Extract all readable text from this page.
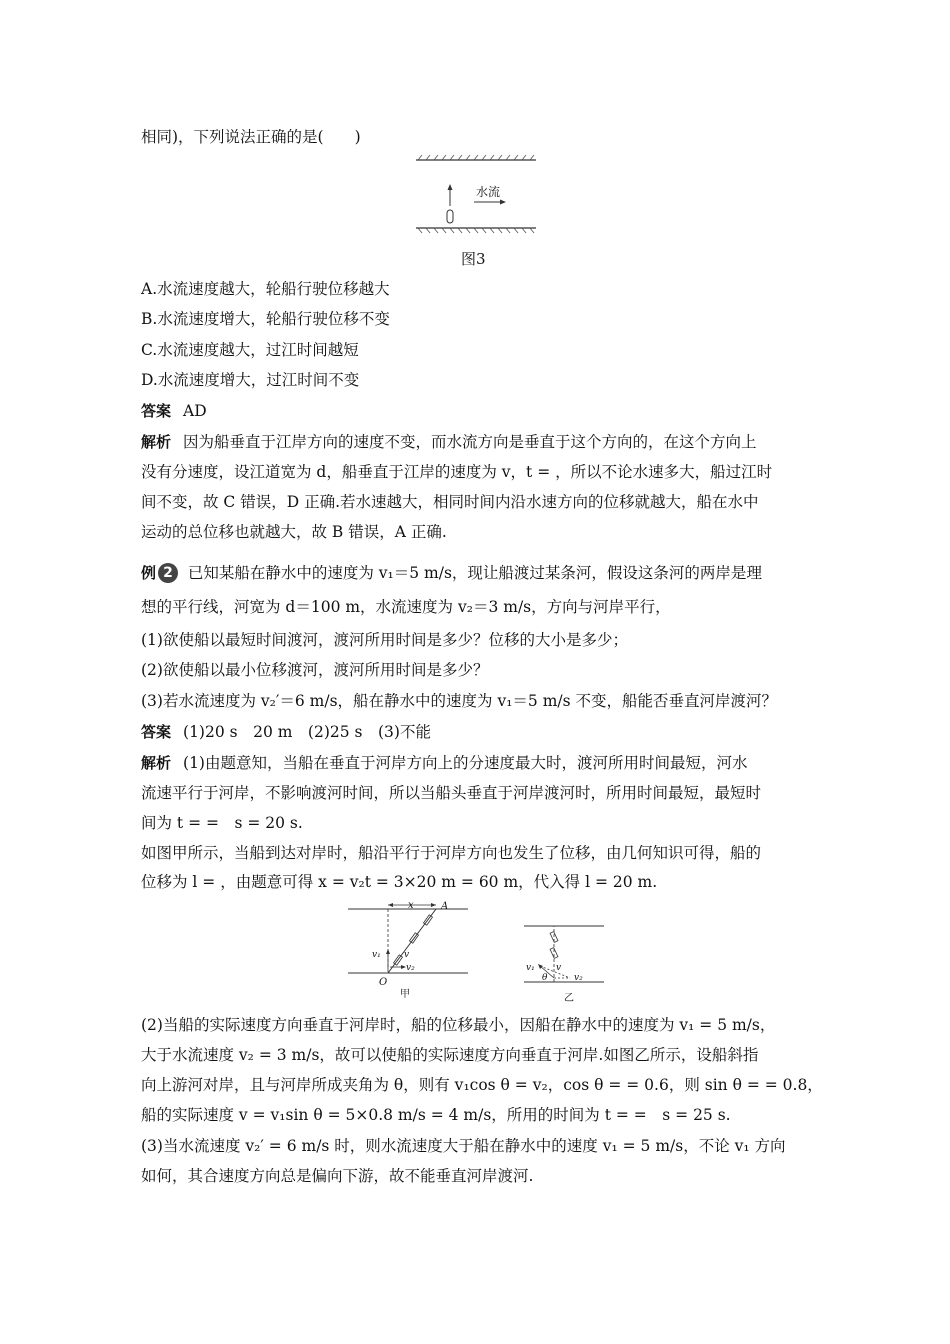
相同)，下列说法正确的是(　　)
水流
图3
A.水流速度越大，轮船行驶位移越大
B.水流速度增大，轮船行驶位移不变
C.水流速度越大，过江时间越短
D.水流速度增大，过江时间不变
答案 AD
解析 因为船垂直于江岸方向的速度不变，而水流方向是垂直于这个方向的，在这个方向上
没有分速度，设江道宽为 d，船垂直于江岸的速度为 v，t = ，所以不论水速多大，船过江时
间不变，故 C 错误，D 正确.若水速越大，相同时间内沿水速方向的位移就越大，船在水中
运动的总位移也就越大，故 B 错误，A 正确.
例 2 已知某船在静水中的速度为 v₁＝5 m/s，现让船渡过某条河，假设这条河的两岸是理
想的平行线，河宽为 d＝100 m，水流速度为 v₂＝3 m/s，方向与河岸平行，
(1)欲使船以最短时间渡河，渡河所用时间是多少？位移的大小是多少；
(2)欲使船以最小位移渡河，渡河所用时间是多少？
(3)若水流速度为 v₂′＝6 m/s，船在静水中的速度为 v₁＝5 m/s 不变，船能否垂直河岸渡河？
答案 (1)20 s　20 m　(2)25 s　(3)不能
解析 (1)由题意知，当船在垂直于河岸方向上的分速度最大时，渡河所用时间最短，河水
流速平行于河岸，不影响渡河时间，所以当船头垂直于河岸渡河时，所用时间最短，最短时
间为 t = =　s = 20 s.
如图甲所示，当船到达对岸时，船沿平行于河岸方向也发生了位移，由几何知识可得，船的
位移为 l = ，由题意可得 x = v₂t = 3×20 m = 60 m，代入得 l = 20 m.
x	A
v₁	v
v₂
O
甲
v₁ v
v₂
θ
乙
(2)当船的实际速度方向垂直于河岸时，船的位移最小，因船在静水中的速度为 v₁ = 5 m/s，
大于水流速度 v₂ = 3 m/s，故可以使船的实际速度方向垂直于河岸.如图乙所示，设船斜指
向上游河对岸，且与河岸所成夹角为 θ，则有 v₁cos θ = v₂，cos θ = = 0.6，则 sin θ = = 0.8，
船的实际速度 v = v₁sin θ = 5×0.8 m/s = 4 m/s，所用的时间为 t = =　s = 25 s.
(3)当水流速度 v₂′ = 6 m/s 时，则水流速度大于船在静水中的速度 v₁ = 5 m/s，不论 v₁ 方向
如何，其合速度方向总是偏向下游，故不能垂直河岸渡河.
